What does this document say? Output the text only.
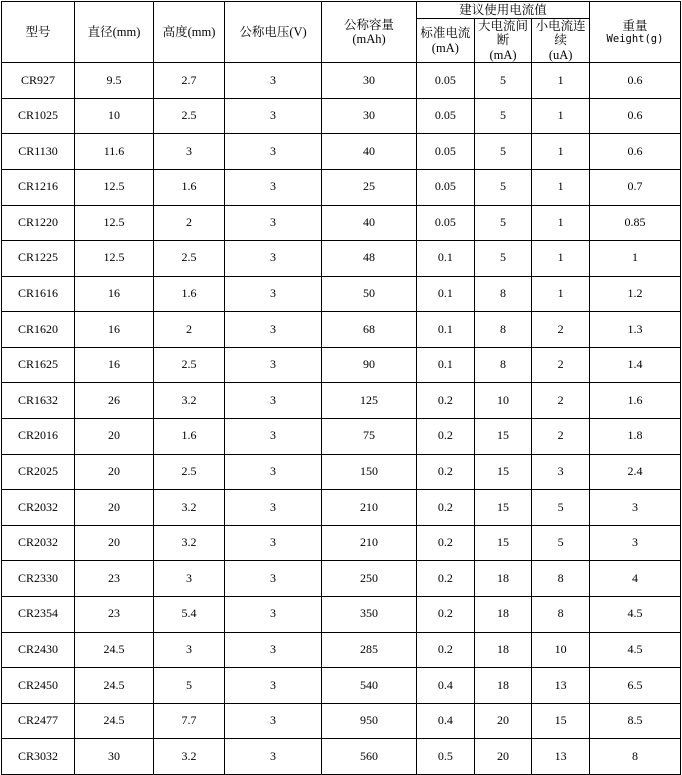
型号	直径(mm)	高度(mm)	公称电压(V)	公称容量
(mAh)	建议使用电流值			重量
Weight(g)

					标准电流(mA)	大电流间断
(mA)	小电流连续
(uA)	

CR927	9.5	2.7	3	30	0.05	5	1	0.6
CR1025	10	2.5	3	30	0.05	5	1	0.6
CR1130	11.6	3	3	40	0.05	5	1	0.6
CR1216	12.5	1.6	3	25	0.05	5	1	0.7
CR1220	12.5	2	3	40	0.05	5	1	0.85
CR1225	12.5	2.5	3	48	0.1	5	1	1
CR1616	16	1.6	3	50	0.1	8	1	1.2
CR1620	16	2	3	68	0.1	8	2	1.3
CR1625	16	2.5	3	90	0.1	8	2	1.4
CR1632	26	3.2	3	125	0.2	10	2	1.6
CR2016	20	1.6	3	75	0.2	15	2	1.8
CR2025	20	2.5	3	150	0.2	15	3	2.4
CR2032	20	3.2	3	210	0.2	15	5	3
CR2032	20	3.2	3	210	0.2	15	5	3
CR2330	23	3	3	250	0.2	18	8	4
CR2354	23	5.4	3	350	0.2	18	8	4.5
CR2430	24.5	3	3	285	0.2	18	10	4.5
CR2450	24.5	5	3	540	0.4	18	13	6.5
CR2477	24.5	7.7	3	950	0.4	20	15	8.5
CR3032	30	3.2	3	560	0.5	20	13	8
